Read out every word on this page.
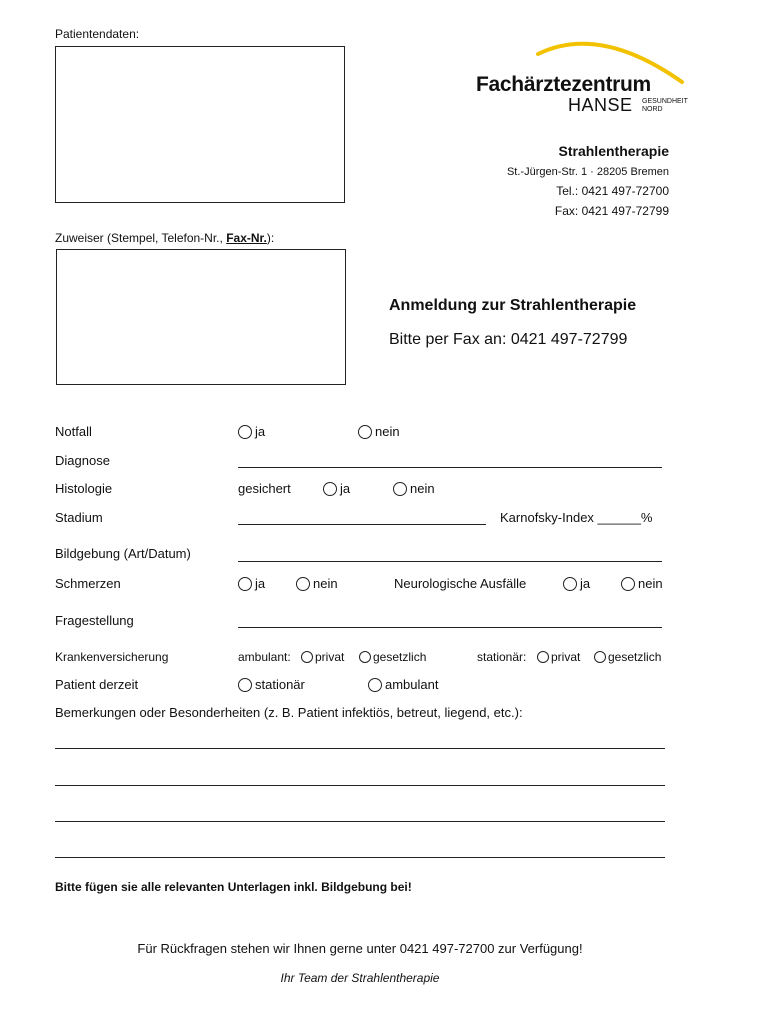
Patientendaten:
Zuweiser (Stempel, Telefon-Nr., Fax-Nr.):
Fachärztezentrum
HANSE GESUNDHEIT
NORD
Strahlentherapie
St.-Jürgen-Str. 1 · 28205 Bremen
Tel.: 0421 497-72700
Fax: 0421 497-72799
Anmeldung zur Strahlentherapie
Bitte per Fax an: 0421 497-72799
Notfall	ja	nein
Diagnose
Histologie	gesichert	ja	nein
Stadium	Karnofsky-Index ______%
Bildgebung (Art/Datum)
Schmerzen	ja	nein	Neurologische Ausfälle	ja	nein
Fragestellung
Krankenversicherung	ambulant:	privat	gesetzlich	stationär:	privat	gesetzlich
Patient derzeit	stationär	ambulant
Bemerkungen oder Besonderheiten (z. B. Patient infektiös, betreut, liegend, etc.):
Bitte fügen sie alle relevanten Unterlagen inkl. Bildgebung bei!
Für Rückfragen stehen wir Ihnen gerne unter 0421 497-72700 zur Verfügung!
Ihr Team der Strahlentherapie
